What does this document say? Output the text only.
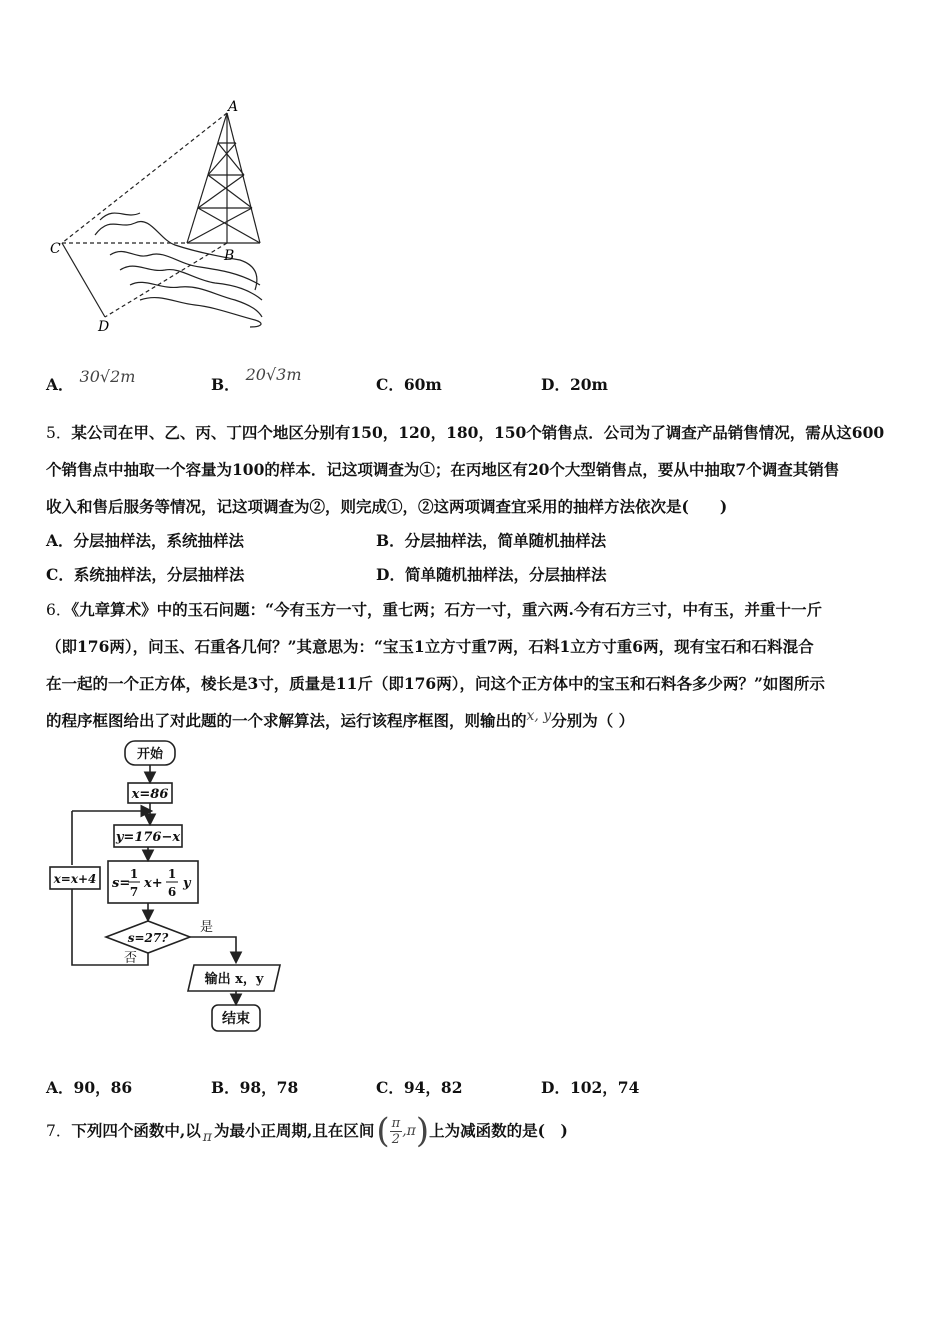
A
B
C
D
A． 30√2m	B．20√3m
C．60m	D．20m
5．某公司在甲、乙、丙、丁四个地区分别有150，120，180，150个销售点．公司为了调查产品销售情况，需从这600
个销售点中抽取一个容量为100的样本．记这项调查为①；在丙地区有20个大型销售点，要从中抽取7个调查其销售
收入和售后服务等情况，记这项调查为②，则完成①，②这两项调查宜采用的抽样方法依次是(　　)
A．分层抽样法，系统抽样法	B．分层抽样法，简单随机抽样法
C．系统抽样法，分层抽样法	D．简单随机抽样法，分层抽样法
6．《九章算术》中的玉石问题：“今有玉方一寸，重七两；石方一寸，重六两.今有石方三寸，中有玉，并重十一斤
（即176两），问玉、石重各几何？”其意思为：“宝玉1立方寸重7两，石料1立方寸重6两，现有宝石和石料混合
在一起的一个正方体，棱长是3寸，质量是11斤（即176两），问这个正方体中的宝玉和石料各多少两？”如图所示
的程序框图给出了对此题的一个求解算法，运行该程序框图，则输出的x, y分别为（ ）
开始
x=86
y=176−x
s=
1
7
x+
1
6
y
x=x+4
s=27?
是
否
输出 x，y
结束
A．90，86	B．98，78	C．94，82	D．102，74
7． 下列四个函数中,以 π 为最小正周期,且在区间 ( $\frac{\pi}{2} ,\pi$ ) 上为减函数的是(　)
